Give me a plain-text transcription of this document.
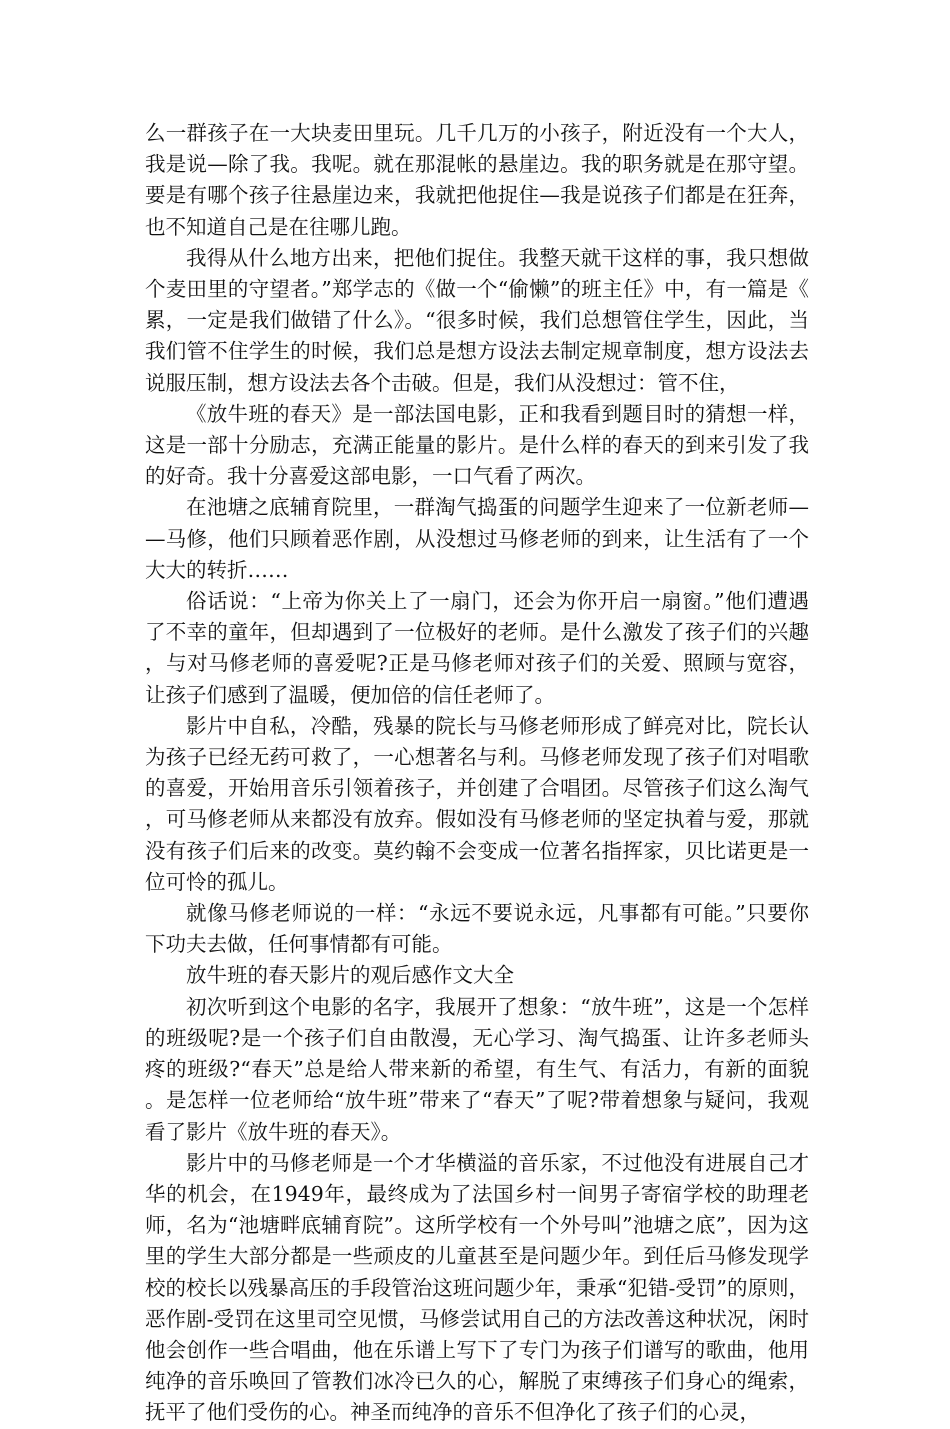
么一群孩子在一大块麦田里玩。几千几万的小孩子，附近没有一个大人，我是说—除了我。我呢。就在那混帐的悬崖边。我的职务就是在那守望。要是有哪个孩子往悬崖边来，我就把他捉住—我是说孩子们都是在狂奔，也不知道自己是在往哪儿跑。

我得从什么地方出来，把他们捉住。我整天就干这样的事，我只想做个麦田里的守望者。”郑学志的《做一个“偷懒”的班主任》中，有一篇是《累，一定是我们做错了什么》。“很多时候，我们总想管住学生，因此，当我们管不住学生的时候，我们总是想方设法去制定规章制度，想方设法去说服压制，想方设法去各个击破。但是，我们从没想过：管不住，

《放牛班的春天》是一部法国电影，正和我看到题目时的猜想一样，这是一部十分励志，充满正能量的影片。是什么样的春天的到来引发了我的好奇。我十分喜爱这部电影，一口气看了两次。

在池塘之底辅育院里，一群淘气捣蛋的问题学生迎来了一位新老师——马修，他们只顾着恶作剧，从没想过马修老师的到来，让生活有了一个大大的转折……

俗话说：“上帝为你关上了一扇门，还会为你开启一扇窗。”他们遭遇了不幸的童年，但却遇到了一位极好的老师。是什么激发了孩子们的兴趣，与对马修老师的喜爱呢?正是马修老师对孩子们的关爱、照顾与宽容，让孩子们感到了温暖，便加倍的信任老师了。

影片中自私，冷酷，残暴的院长与马修老师形成了鲜亮对比，院长认为孩子已经无药可救了，一心想著名与利。马修老师发现了孩子们对唱歌的喜爱，开始用音乐引领着孩子，并创建了合唱团。尽管孩子们这么淘气，可马修老师从来都没有放弃。假如没有马修老师的坚定执着与爱，那就没有孩子们后来的改变。莫约翰不会变成一位著名指挥家，贝比诺更是一位可怜的孤儿。

就像马修老师说的一样：“永远不要说永远，凡事都有可能。”只要你下功夫去做，任何事情都有可能。

放牛班的春天影片的观后感作文大全

初次听到这个电影的名字，我展开了想象：“放牛班”，这是一个怎样的班级呢?是一个孩子们自由散漫，无心学习、淘气捣蛋、让许多老师头疼的班级?“春天”总是给人带来新的希望，有生气、有活力，有新的面貌。是怎样一位老师给“放牛班”带来了“春天”了呢?带着想象与疑问，我观看了影片《放牛班的春天》。

影片中的马修老师是一个才华横溢的音乐家，不过他没有进展自己才华的机会，在1949年，最终成为了法国乡村一间男子寄宿学校的助理老师，名为“池塘畔底辅育院”。这所学校有一个外号叫”池塘之底”，因为这里的学生大部分都是一些顽皮的儿童甚至是问题少年。到任后马修发现学校的校长以残暴高压的手段管治这班问题少年，秉承“犯错-受罚”的原则，恶作剧-受罚在这里司空见惯，马修尝试用自己的方法改善这种状况，闲时他会创作一些合唱曲，他在乐谱上写下了专门为孩子们谱写的歌曲，他用纯净的音乐唤回了管教们冰冷已久的心，解脱了束缚孩子们身心的绳索，抚平了他们受伤的心。神圣而纯净的音乐不但净化了孩子们的心灵，
